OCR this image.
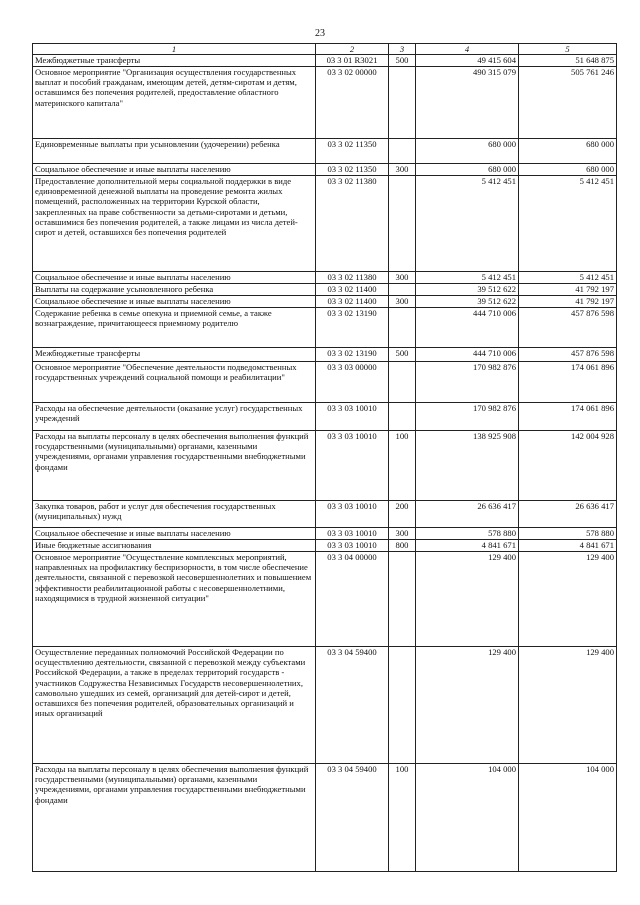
23
1	2	3	4	5
Межбюджетные трансферты	03 3 01 R3021	500	49 415 604	51 648 875
Основное мероприятие "Организация осуществления государственных выплат и пособий гражданам, имеющим детей, детям-сиротам и детям, оставшимся без попечения родителей, предоставление областного материнского капитала"	03 3 02 00000		490 315 079	505 761 246
Единовременные выплаты при усыновлении (удочерении) ребенка	03 3 02 11350		680 000	680 000
Социальное обеспечение и иные выплаты населению	03 3 02 11350	300	680 000	680 000
Предоставление дополнительной меры социальной поддержки в виде единовременной денежной выплаты на проведение ремонта жилых помещений, расположенных на территории Курской области, закрепленных на праве собственности за детьми-сиротами и детьми, оставшимися без попечения родителей, а также лицами из числа детей-сирот и детей, оставшихся без попечения родителей	03 3 02 11380		5 412 451	5 412 451
Социальное обеспечение и иные выплаты населению	03 3 02 11380	300	5 412 451	5 412 451
Выплаты на содержание усыновленного ребенка	03 3 02 11400		39 512 622	41 792 197
Социальное обеспечение и иные выплаты населению	03 3 02 11400	300	39 512 622	41 792 197
Содержание ребенка в семье опекуна и приемной семье, а также вознаграждение, причитающееся приемному родителю	03 3 02 13190		444 710 006	457 876 598
Межбюджетные трансферты	03 3 02 13190	500	444 710 006	457 876 598
Основное мероприятие "Обеспечение деятельности подведомственных государственных учреждений социальной помощи и реабилитации"	03 3 03 00000		170 982 876	174 061 896
Расходы на обеспечение деятельности (оказание услуг) государственных учреждений	03 3 03 10010		170 982 876	174 061 896
Расходы на выплаты персоналу в целях обеспечения выполнения функций государственными (муниципальными) органами, казенными учреждениями, органами управления государственными внебюджетными фондами	03 3 03 10010	100	138 925 908	142 004 928
Закупка товаров, работ и услуг для обеспечения государственных (муниципальных) нужд	03 3 03 10010	200	26 636 417	26 636 417
Социальное обеспечение и иные выплаты населению	03 3 03 10010	300	578 880	578 880
Иные бюджетные ассигнования	03 3 03 10010	800	4 841 671	4 841 671
Основное мероприятие "Осуществление комплексных мероприятий, направленных на профилактику беспризорности, в том числе обеспечение деятельности, связанной с перевозкой несовершеннолетних и повышением эффективности реабилитационной работы с несовершеннолетними, находящимися в трудной жизненной ситуации"	03 3 04 00000		129 400	129 400
Осуществление переданных полномочий Российской Федерации по осуществлению деятельности, связанной с перевозкой между субъектами Российской Федерации, а также в пределах территорий государств - участников Содружества Независимых Государств несовершеннолетних, самовольно ушедших из семей, организаций для детей-сирот и детей, оставшихся без попечения родителей, образовательных организаций и иных организаций	03 3 04 59400		129 400	129 400
Расходы на выплаты персоналу в целях обеспечения выполнения функций государственными (муниципальными) органами, казенными учреждениями, органами управления государственными внебюджетными фондами	03 3 04 59400	100	104 000	104 000
